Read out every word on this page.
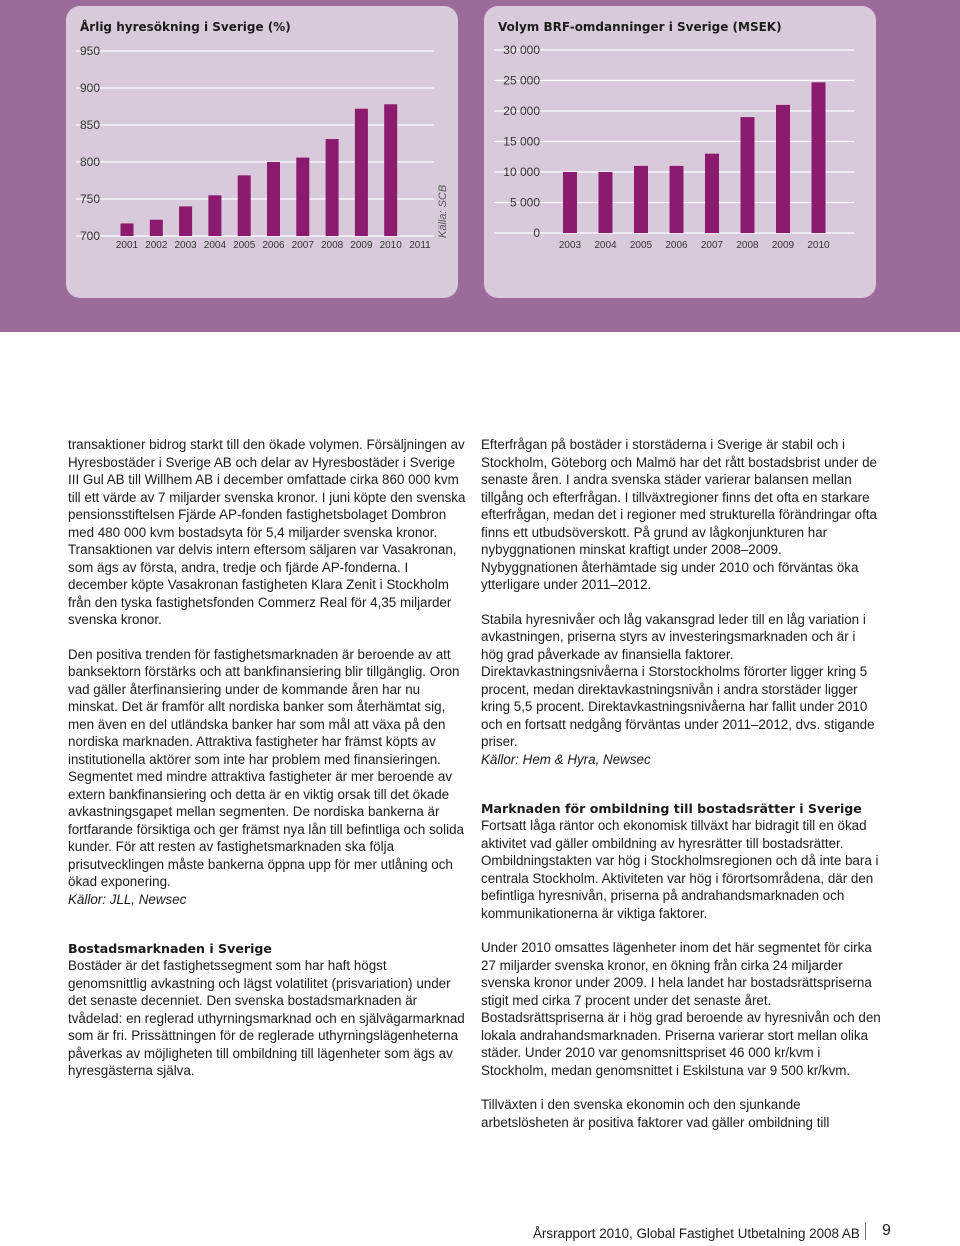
Årlig hyresökning i Sverige (%)
950
900
850
800
750
700
2001 2002 2003 2004 2005 2006 2007 2008 2009 2010 2011
Källa: SCB
Volym BRF-omdanninger i Sverige (MSEK)
30 000
25 000
20 000
15 000
10 000
5 000
0
2003 2004 2005 2006 2007 2008 2009 2010

transaktioner bidrog starkt till den ökade volymen. Försäljningen av Hyresbostäder i Sverige AB och delar av Hyresbostäder i Sverige III Gul AB till Willhem AB i december omfattade cirka 860 000 kvm till ett värde av 7 miljarder svenska kronor. I juni köpte den svenska pensionsstiftelsen Fjärde AP-fonden fastighetsbolaget Dombron med 480 000 kvm bostadsyta för 5,4 miljarder svenska kronor. Transaktionen var delvis intern eftersom säljaren var Vasakronan, som ägs av första, andra, tredje och fjärde AP-fonderna. I december köpte Vasakronan fastigheten Klara Zenit i Stockholm från den tyska fastighetsfonden Commerz Real för 4,35 miljarder svenska kronor.

Den positiva trenden för fastighetsmarknaden är beroende av att banksektorn förstärks och att bankfinansiering blir tillgänglig. Oron vad gäller återfinansiering under de kommande åren har nu minskat. Det är framför allt nordiska banker som återhämtat sig, men även en del utländska banker har som mål att växa på den nordiska marknaden. Attraktiva fastigheter har främst köpts av institutionella aktörer som inte har problem med finansieringen. Segmentet med mindre attraktiva fastigheter är mer beroende av extern bankfinansiering och detta är en viktig orsak till det ökade avkastningsgapet mellan segmenten. De nordiska bankerna är fortfarande försiktiga och ger främst nya lån till befintliga och solida kunder. För att resten av fastighetsmarknaden ska följa prisutvecklingen måste bankerna öppna upp för mer utlåning och ökad exponering.

Källor: JLL, Newsec

Bostadsmarknaden i Sverige

Bostäder är det fastighetssegment som har haft högst genomsnittlig avkastning och lägst volatilitet (prisvariation) under det senaste decenniet. Den svenska bostadsmarknaden är tvådelad: en reglerad uthyrningsmarknad och en självägarmarknad som är fri. Prissättningen för de reglerade uthyrningslägenheterna påverkas av möjligheten till ombildning till lägenheter som ägs av hyresgästerna själva.

Efterfrågan på bostäder i storstäderna i Sverige är stabil och i Stockholm, Göteborg och Malmö har det rått bostadsbrist under de senaste åren. I andra svenska städer varierar balansen mellan tillgång och efterfrågan. I tillväxtregioner finns det ofta en starkare efterfrågan, medan det i regioner med strukturella förändringar ofta finns ett utbudsöverskott. På grund av lågkonjunkturen har nybyggnationen minskat kraftigt under 2008–2009. Nybyggnationen återhämtade sig under 2010 och förväntas öka ytterligare under 2011–2012.

Stabila hyresnivåer och låg vakansgrad leder till en låg variation i avkastningen, priserna styrs av investeringsmarknaden och är i hög grad påverkade av finansiella faktorer. Direktavkastningsnivåerna i Storstockholms förorter ligger kring 5 procent, medan direktavkastningsnivån i andra storstäder ligger kring 5,5 procent. Direktavkastningsnivåerna har fallit under 2010 och en fortsatt nedgång förväntas under 2011–2012, dvs. stigande priser.

Källor: Hem & Hyra, Newsec

Marknaden för ombildning till bostadsrätter i Sverige

Fortsatt låga räntor och ekonomisk tillväxt har bidragit till en ökad aktivitet vad gäller ombildning av hyresrätter till bostadsrätter. Ombildningstakten var hög i Stockholmsregionen och då inte bara i centrala Stockholm. Aktiviteten var hög i förortsområdena, där den befintliga hyresnivån, priserna på andrahandsmarknaden och kommunikationerna är viktiga faktorer.

Under 2010 omsattes lägenheter inom det här segmentet för cirka 27 miljarder svenska kronor, en ökning från cirka 24 miljarder svenska kronor under 2009. I hela landet har bostadsrättspriserna stigit med cirka 7 procent under det senaste året. Bostadsrättspriserna är i hög grad beroende av hyresnivån och den lokala andrahandsmarknaden. Priserna varierar stort mellan olika städer. Under 2010 var genomsnittspriset 46 000 kr/kvm i Stockholm, medan genomsnittet i Eskilstuna var 9 500 kr/kvm.

Tillväxten i den svenska ekonomin och den sjunkande arbetslösheten är positiva faktorer vad gäller ombildning till

Årsrapport 2010, Global Fastighet Utbetalning 2008 AB 9
